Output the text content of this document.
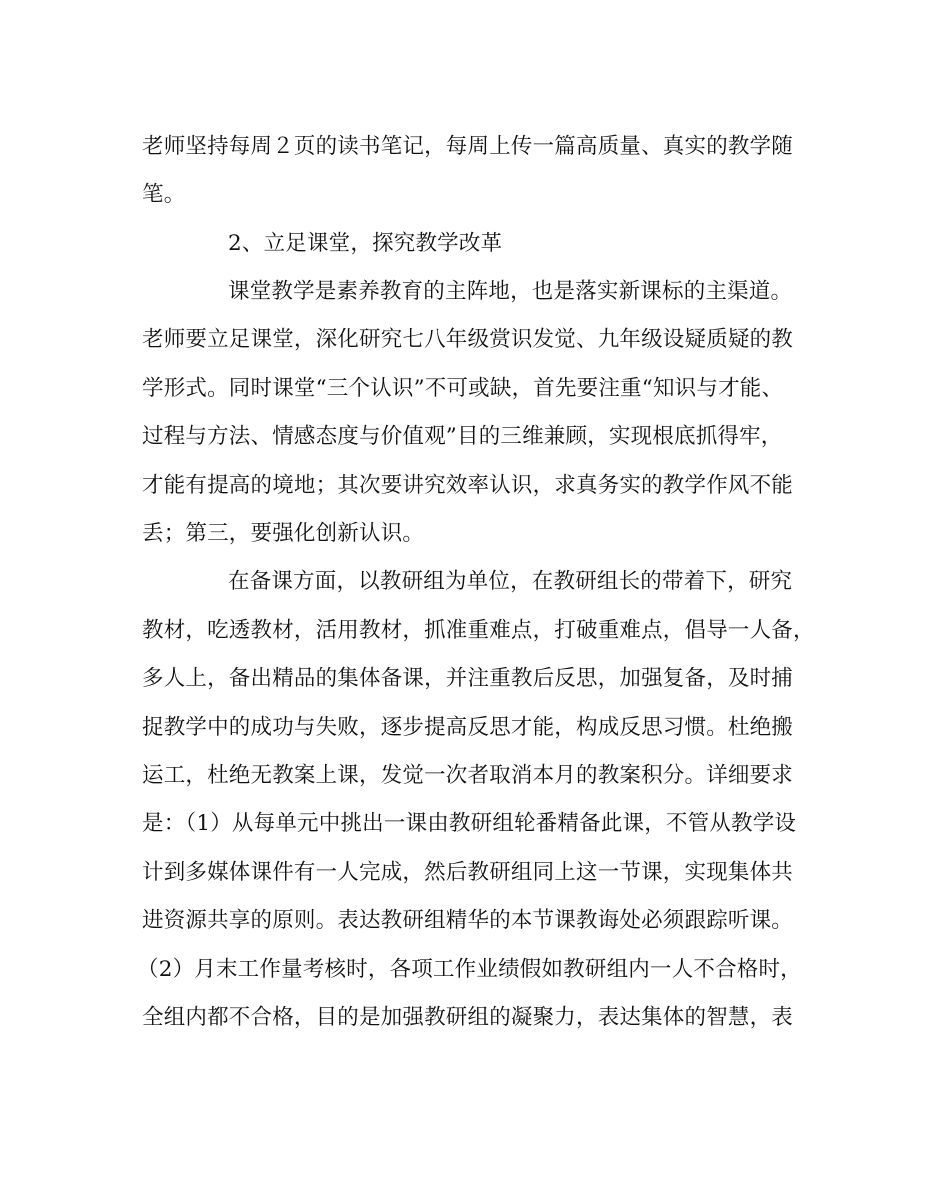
老师坚持每周２页的读书笔记，每周上传一篇高质量、真实的教学随

笔。

2、立足课堂，探究教学改革

课堂教学是素养教育的主阵地，也是落实新课标的主渠道。

老师要立足课堂，深化研究七八年级赏识发觉、九年级设疑质疑的教

学形式。同时课堂“三个认识”不可或缺，首先要注重“知识与才能、

过程与方法、情感态度与价值观”目的三维兼顾，实现根底抓得牢，

才能有提高的境地；其次要讲究效率认识，求真务实的教学作风不能

丢；第三，要强化创新认识。

在备课方面，以教研组为单位，在教研组长的带着下，研究

教材，吃透教材，活用教材，抓准重难点，打破重难点，倡导一人备，

多人上，备出精品的集体备课，并注重教后反思，加强复备，及时捕

捉教学中的成功与失败，逐步提高反思才能，构成反思习惯。杜绝搬

运工，杜绝无教案上课，发觉一次者取消本月的教案积分。详细要求

是：（1）从每单元中挑出一课由教研组轮番精备此课，不管从教学设

计到多媒体课件有一人完成，然后教研组同上这一节课，实现集体共

进资源共享的原则。表达教研组精华的本节课教诲处必须跟踪听课。

（2）月末工作量考核时，各项工作业绩假如教研组内一人不合格时，

全组内都不合格，目的是加强教研组的凝聚力，表达集体的智慧，表
